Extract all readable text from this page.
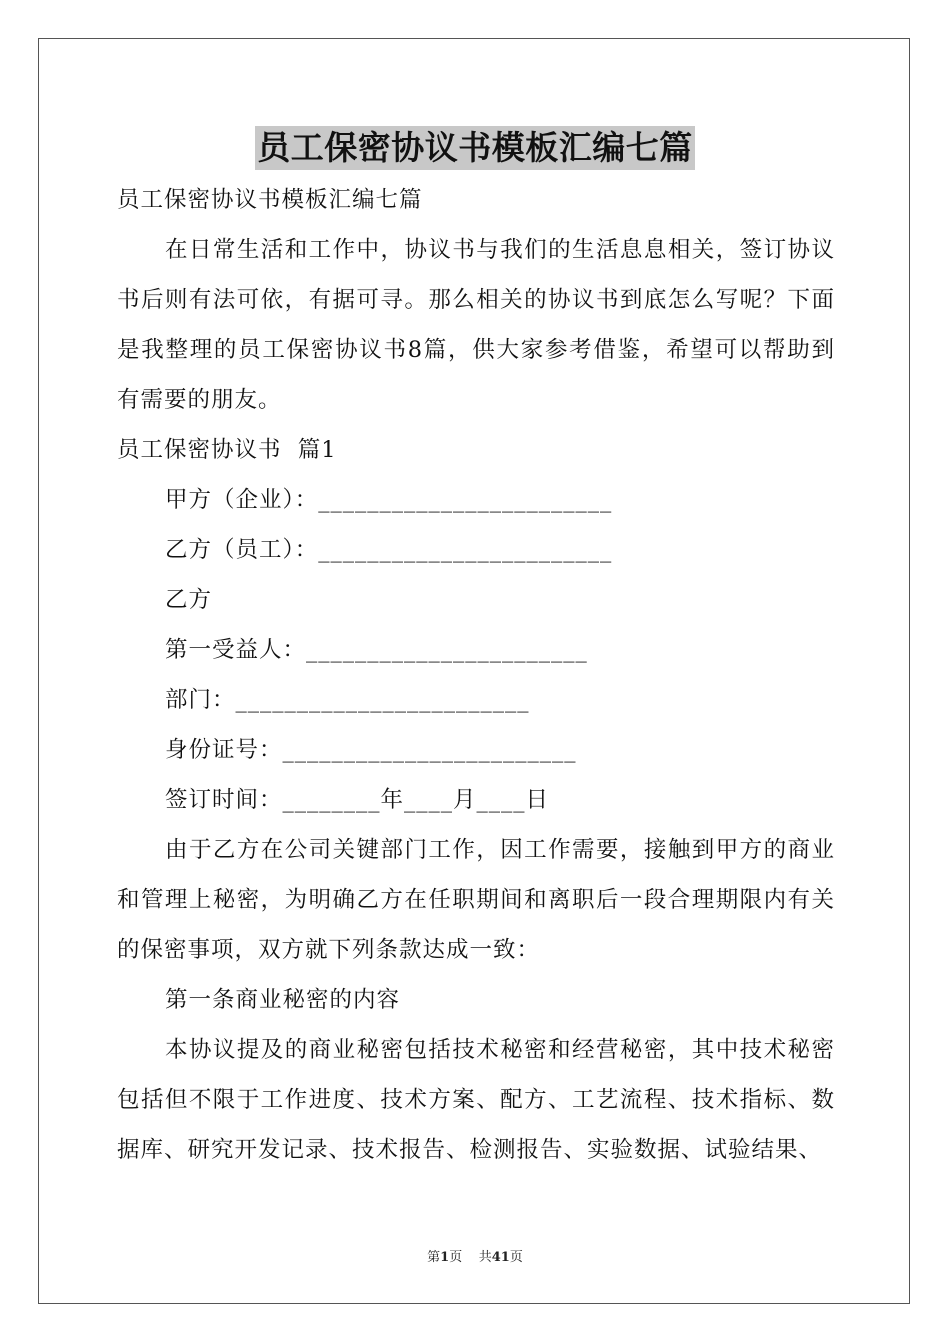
员工保密协议书模板汇编七篇

员工保密协议书模板汇编七篇

在日常生活和工作中，协议书与我们的生活息息相关，签订协议书后则有法可依，有据可寻。那么相关的协议书到底怎么写呢？下面是我整理的员工保密协议书8篇，供大家参考借鉴，希望可以帮助到有需要的朋友。

员工保密协议书  篇1

甲方（企业）：________________________

乙方（员工）：________________________

乙方

第一受益人：_______________________

部门：________________________

身份证号：________________________

签订时间：________年____月____日

由于乙方在公司关键部门工作，因工作需要，接触到甲方的商业和管理上秘密，为明确乙方在任职期间和离职后一段合理期限内有关的保密事项，双方就下列条款达成一致：

第一条商业秘密的内容

本协议提及的商业秘密包括技术秘密和经营秘密，其中技术秘密包括但不限于工作进度、技术方案、配方、工艺流程、技术指标、数据库、研究开发记录、技术报告、检测报告、实验数据、试验结果、

第1页 共41页
